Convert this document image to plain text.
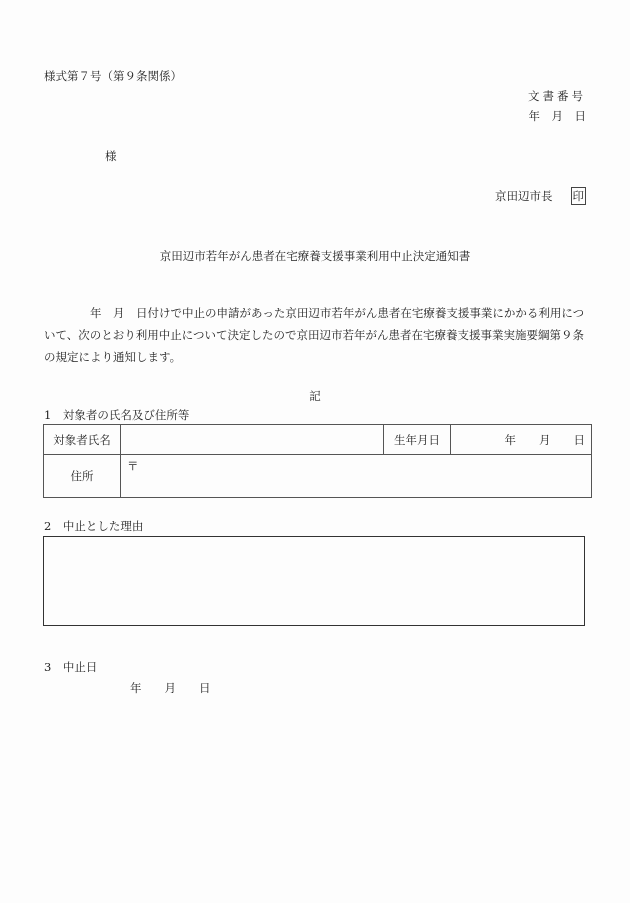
様式第７号（第９条関係）
文書番号
年　月　日
様
京田辺市長 印
京田辺市若年がん患者在宅療養支援事業利用中止決定通知書

　　　　年　月　日付けで中止の申請があった京田辺市若年がん患者在宅療養支援事業にかかる利用について、次のとおり利用中止について決定したので京田辺市若年がん患者在宅療養支援事業実施要綱第９条の規定により通知します。

記
1　対象者の氏名及び住所等
対象者氏名		生年月日	年　　月　　日
住所	〒		
2　中止とした理由
3　中止日
年　　月　　日
